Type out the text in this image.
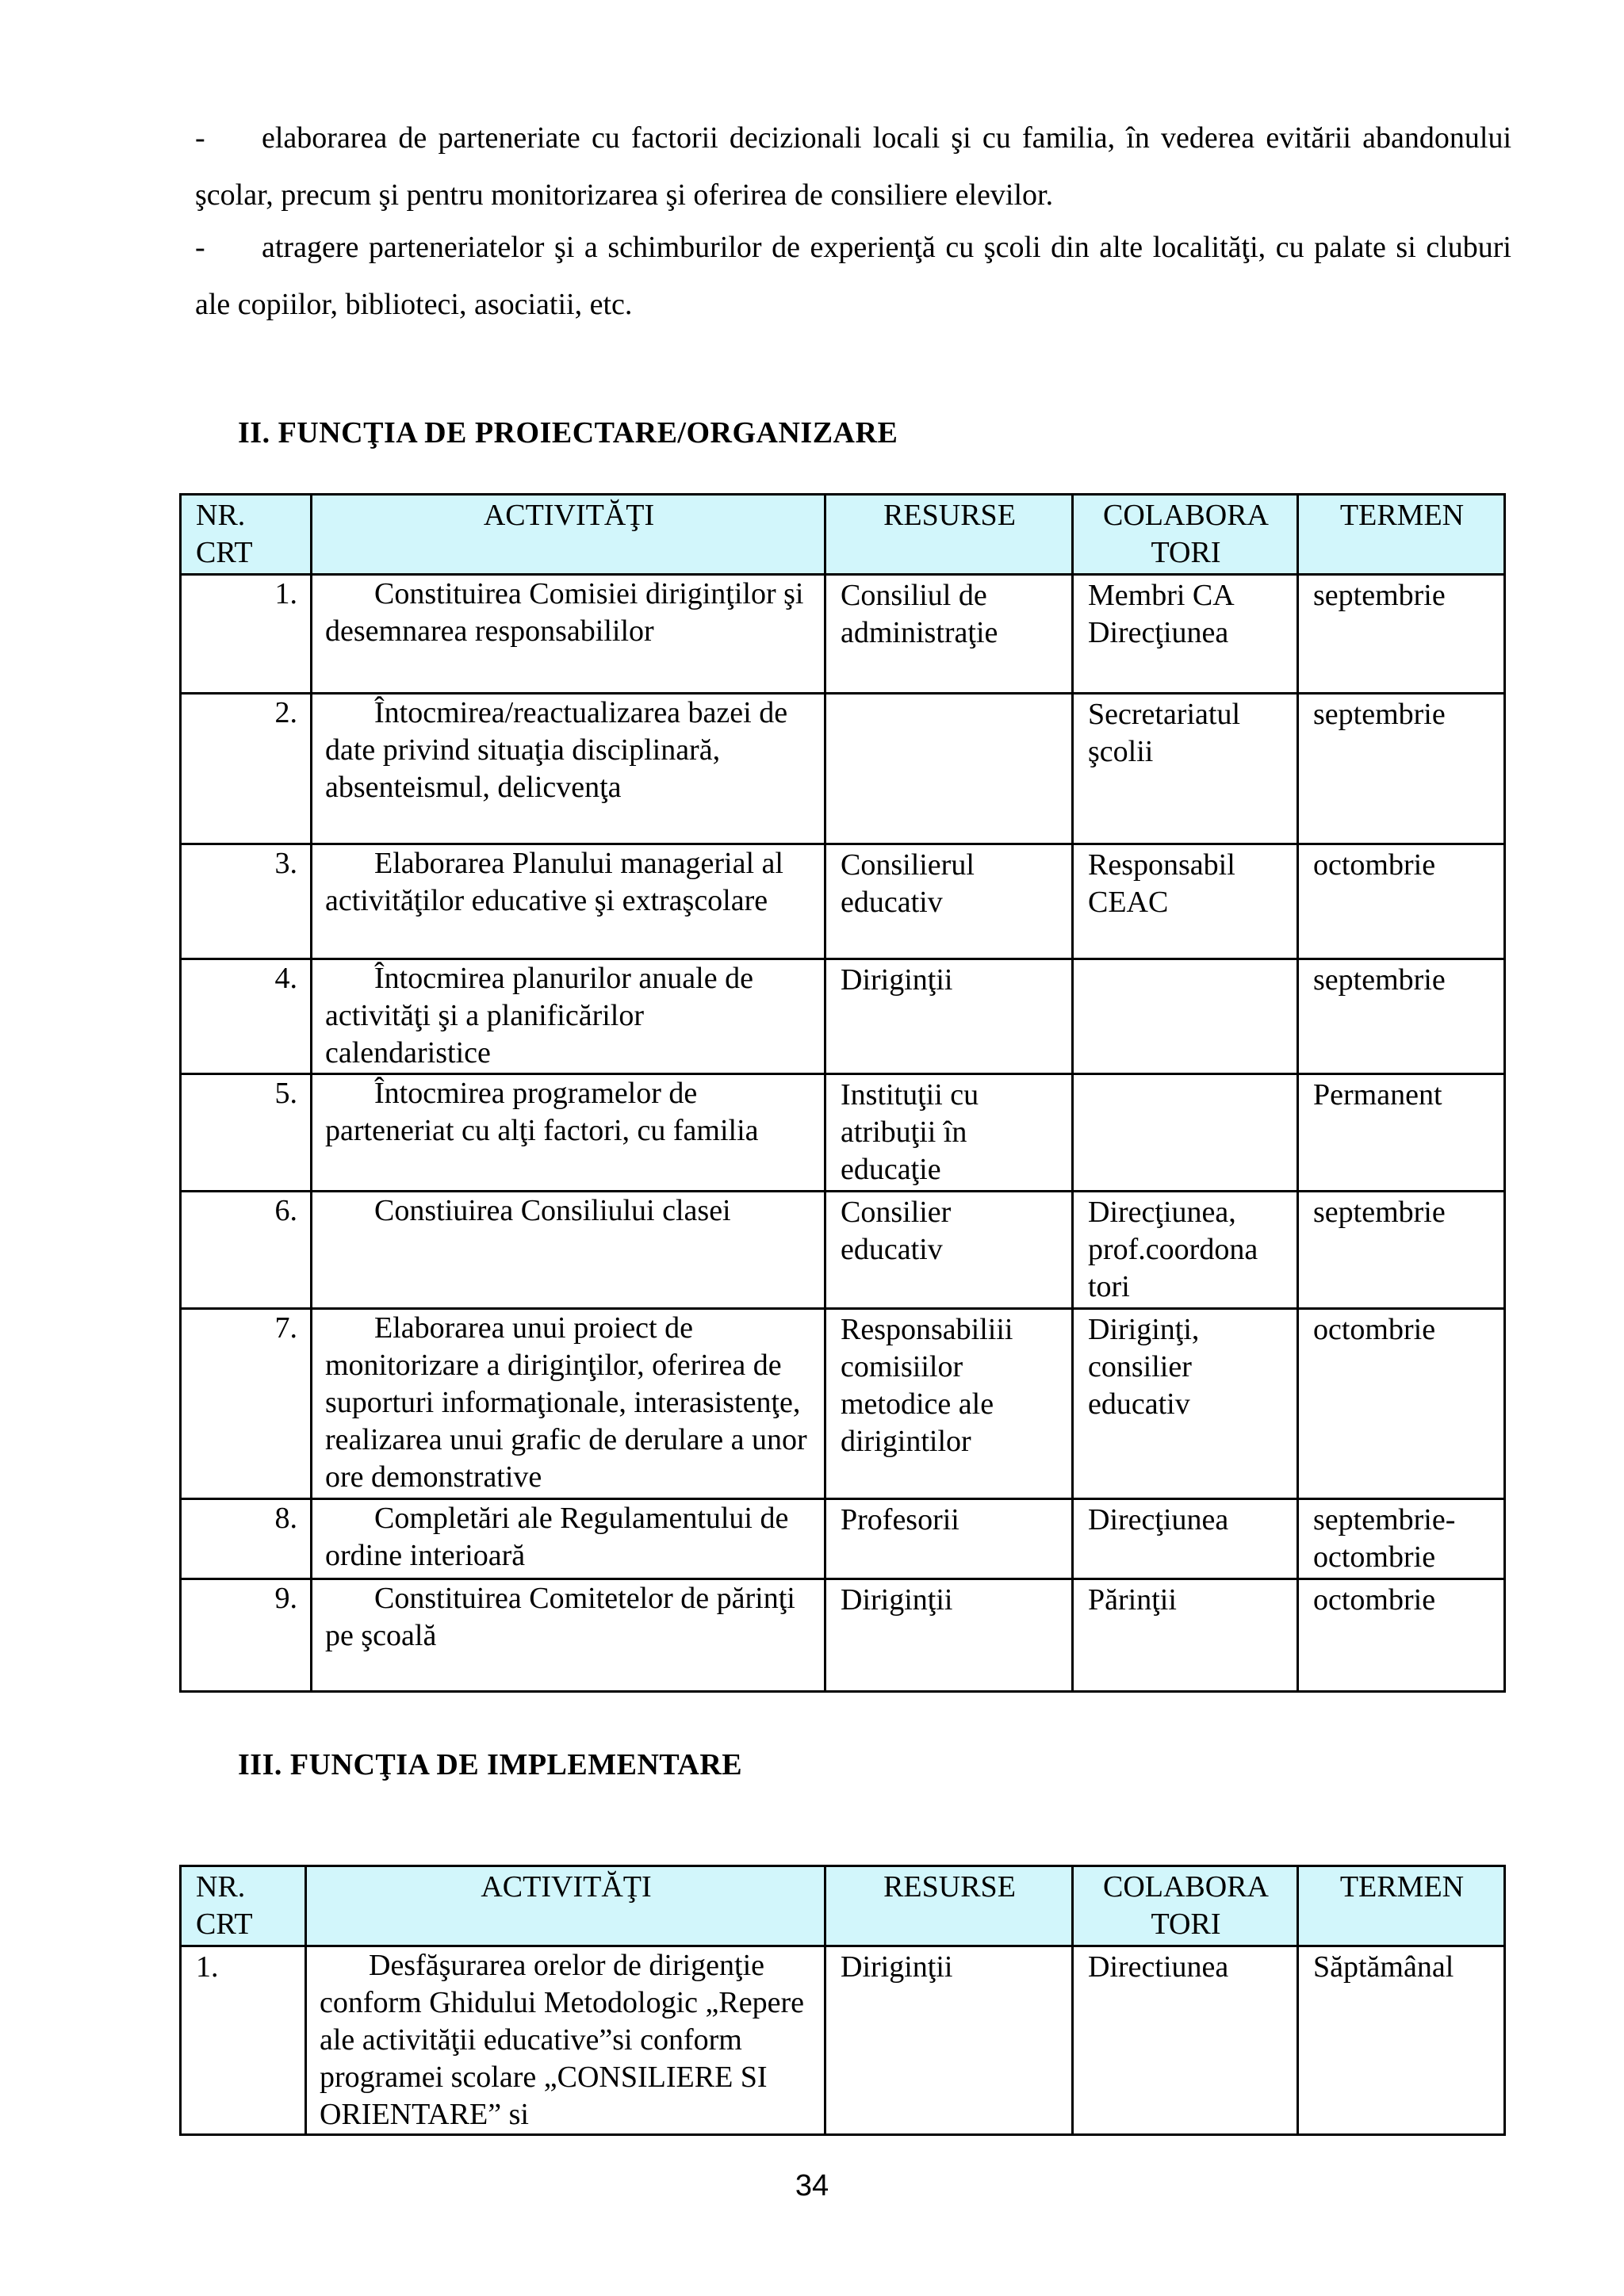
- elaborarea de parteneriate cu factorii decizionali locali şi cu familia, în vederea evitării abandonului şcolar, precum şi pentru monitorizarea şi oferirea de consiliere elevilor.
- atragere parteneriatelor şi a schimburilor de experienţă cu şcoli din alte localităţi, cu palate si cluburi ale copiilor, biblioteci, asociatii, etc.
II. FUNCŢIA DE PROIECTARE/ORGANIZARE
NR. CRT	ACTIVITĂŢI	RESURSE	COLABORA TORI	TERMEN
1.	Constituirea Comisiei diriginţilor şi desemnarea responsabililor	Consiliul de administraţie	Membri CA Direcţiunea	septembrie
2.	Întocmirea/reactualizarea bazei de date privind situaţia disciplinară, absenteismul, delicvenţa		Secretariatul şcolii	septembrie
3.	Elaborarea Planului managerial al activităţilor educative şi extraşcolare	Consilierul educativ	Responsabil CEAC	octombrie
4.	Întocmirea planurilor anuale de activităţi şi a planificărilor calendaristice	Diriginţii		septembrie
5.	Întocmirea programelor de parteneriat cu alţi factori, cu familia	Instituţii cu atribuţii în educaţie		Permanent
6.	Constiuirea Consiliului clasei	Consilier educativ	Direcţiunea, prof.coordona tori	septembrie
7.	Elaborarea unui proiect de monitorizare a diriginţilor, oferirea de suporturi informaţionale, interasistenţe, realizarea unui grafic de derulare a unor ore demonstrative	Responsabiliii comisiilor metodice ale dirigintilor	Diriginţi, consilier educativ	octombrie
8.	Completări ale Regulamentului de ordine interioară	Profesorii	Direcţiunea	septembrie-octombrie
9.	Constituirea Comitetelor de părinţi pe şcoală	Diriginţii	Părinţii	octombrie
III. FUNCŢIA DE IMPLEMENTARE
NR. CRT	ACTIVITĂŢI	RESURSE	COLABORA TORI	TERMEN
1.	Desfăşurarea orelor de dirigenţie conform Ghidului Metodologic „Repere ale activităţii educative”si conform programei scolare „CONSILIERE SI ORIENTARE” si	Diriginţii	Directiunea	Săptămânal
34
